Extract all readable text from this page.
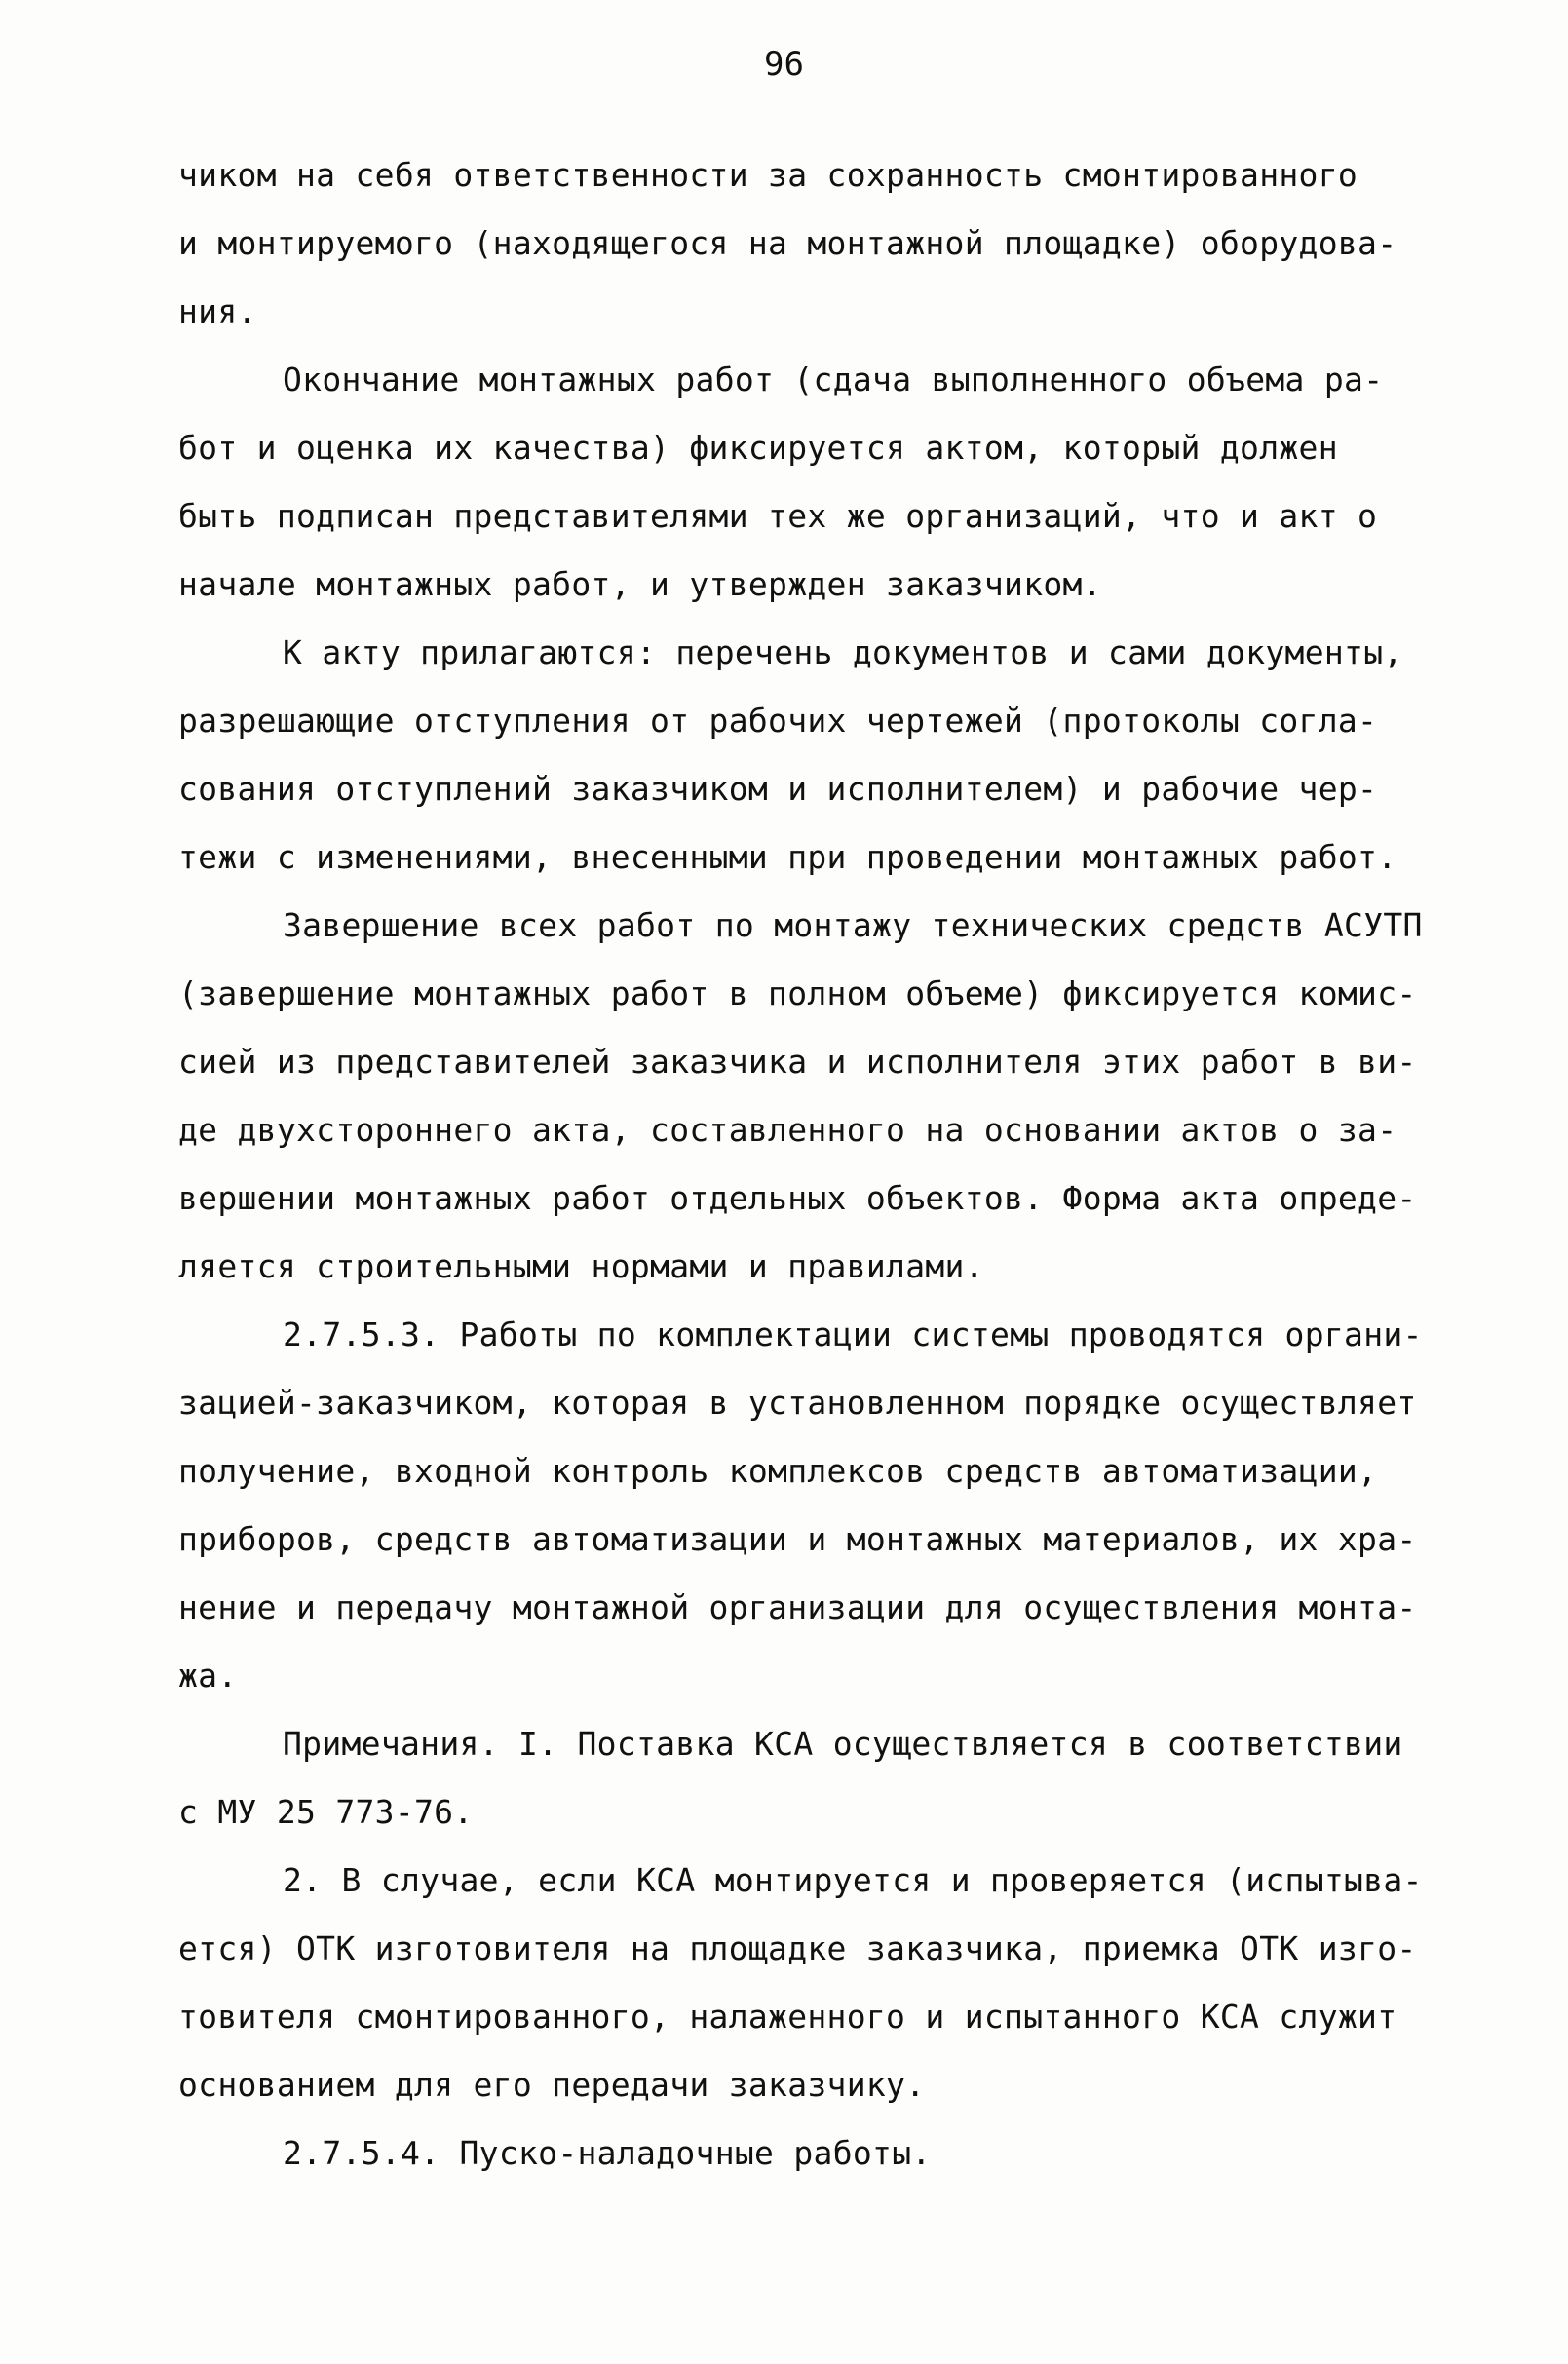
96
чиком на себя ответственности за сохранность смонтированного
и монтируемого (находящегося на монтажной площадке) оборудова-
ния.
Окончание монтажных работ (сдача выполненного объема ра-
бот и оценка их качества) фиксируется актом, который должен
быть подписан представителями тех же организаций, что и акт о
начале монтажных работ, и утвержден заказчиком.
К акту прилагаются: перечень документов и сами документы,
разрешающие отступления от рабочих чертежей (протоколы согла-
сования отступлений заказчиком и исполнителем) и рабочие чер-
тежи с изменениями, внесенными при проведении монтажных работ.
Завершение всех работ по монтажу технических средств АСУТП
(завершение монтажных работ в полном объеме) фиксируется комис-
сией из представителей заказчика и исполнителя этих работ в ви-
де двухстороннего акта, составленного на основании актов о за-
вершении монтажных работ отдельных объектов. Форма акта опреде-
ляется строительными нормами и правилами.
2.7.5.3. Работы по комплектации системы проводятся органи-
зацией-заказчиком, которая в установленном порядке осуществляет
получение, входной контроль комплексов средств автоматизации,
приборов, средств автоматизации и монтажных материалов, их хра-
нение и передачу монтажной организации для осуществления монта-
жа.
Примечания. I. Поставка КСА осуществляется в соответствии
с МУ 25 773-76.
2. В случае, если КСА монтируется и проверяется (испытыва-
ется) ОТК изготовителя на площадке заказчика, приемка ОТК изго-
товителя смонтированного, налаженного и испытанного КСА служит
основанием для его передачи заказчику.
2.7.5.4. Пуско-наладочные работы.
